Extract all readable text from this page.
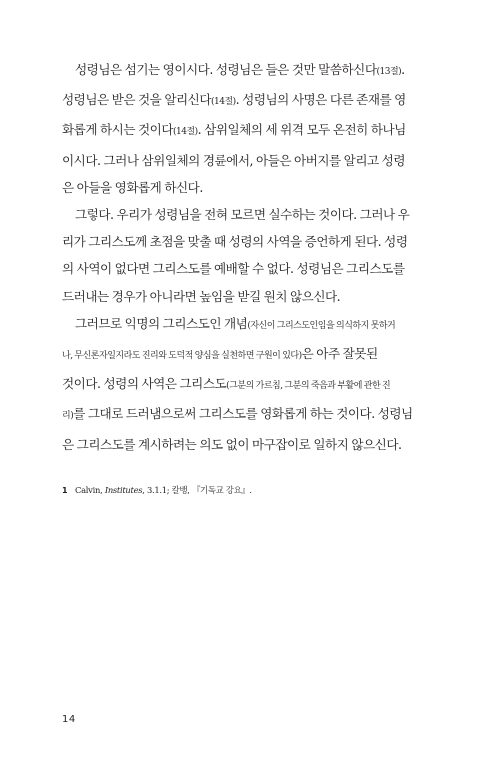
성령님은 섬기는 영이시다. 성령님은 들은 것만 말씀하신다(13절).
성령님은 받은 것을 알리신다(14절). 성령님의 사명은 다른 존재를 영
화롭게 하시는 것이다(14절). 삼위일체의 세 위격 모두 온전히 하나님
이시다. 그러나 삼위일체의 경륜에서, 아들은 아버지를 알리고 성령
은 아들을 영화롭게 하신다.

그렇다. 우리가 성령님을 전혀 모르면 실수하는 것이다. 그러나 우
리가 그리스도께 초점을 맞출 때 성령의 사역을 증언하게 된다. 성령
의 사역이 없다면 그리스도를 예배할 수 없다. 성령님은 그리스도를
드러내는 경우가 아니라면 높임을 받길 원치 않으신다.

그러므로 익명의 그리스도인 개념(자신이 그리스도인임을 의식하지 못하거
나, 무신론자일지라도 진리와 도덕적 양심을 실천하면 구원이 있다)은 아주 잘못된
것이다. 성령의 사역은 그리스도(그분의 가르침, 그분의 죽음과 부활에 관한 진
리)를 그대로 드러냄으로써 그리스도를 영화롭게 하는 것이다. 성령님
은 그리스도를 계시하려는 의도 없이 마구잡이로 일하지 않으신다.

1 Calvin, Institutes, 3.1.1; 칼뱅, 『기독교 강요』.
14
